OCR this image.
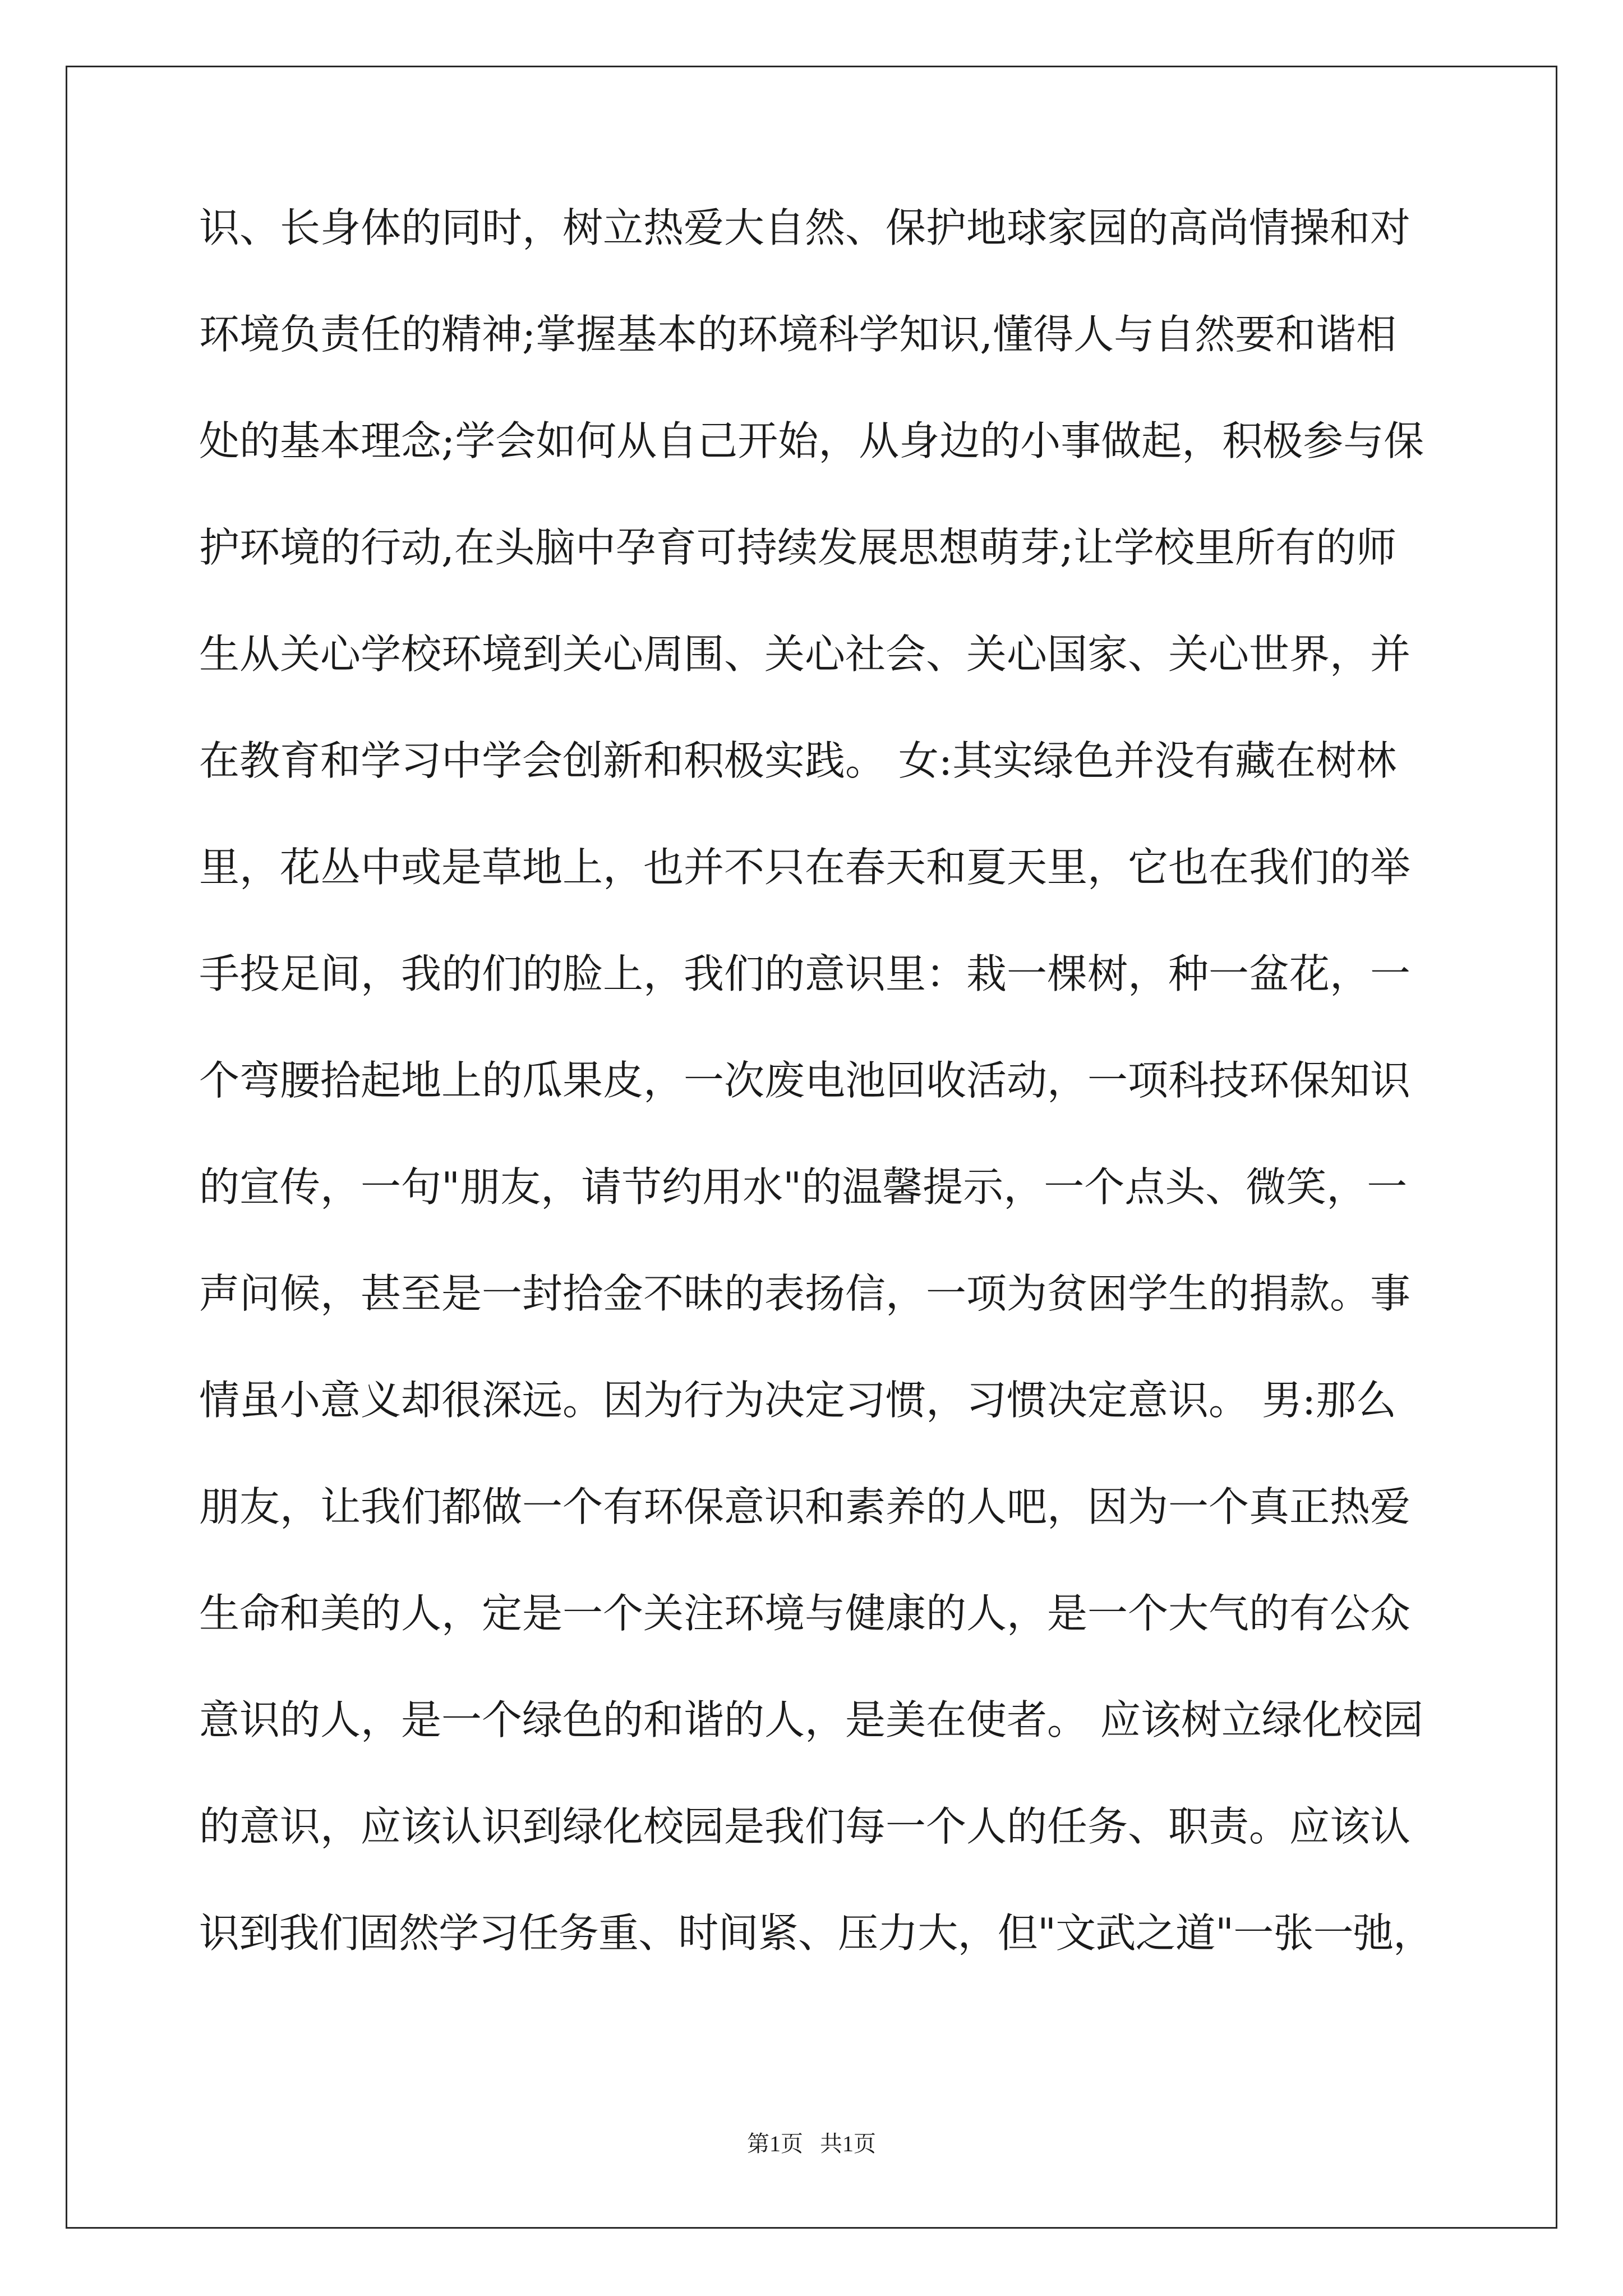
识、长身体的同时，树立热爱大自然、保护地球家园的高尚情操和对
环境负责任的精神;掌握基本的环境科学知识,懂得人与自然要和谐相
处的基本理念;学会如何从自己开始，从身边的小事做起，积极参与保
护环境的行动,在头脑中孕育可持续发展思想萌芽;让学校里所有的师
生从关心学校环境到关心周围、关心社会、关心国家、关心世界，并
在教育和学习中学会创新和积极实践。 女:其实绿色并没有藏在树林
里，花丛中或是草地上，也并不只在春天和夏天里，它也在我们的举
手投足间，我的们的脸上，我们的意识里：栽一棵树，种一盆花，一
个弯腰拾起地上的瓜果皮，一次废电池回收活动，一项科技环保知识
的宣传，一句"朋友，请节约用水"的温馨提示，一个点头、微笑，一
声问候，甚至是一封拾金不昧的表扬信，一项为贫困学生的捐款。事
情虽小意义却很深远。因为行为决定习惯，习惯决定意识。 男:那么
朋友，让我们都做一个有环保意识和素养的人吧，因为一个真正热爱
生命和美的人，定是一个关注环境与健康的人，是一个大气的有公众
意识的人，是一个绿色的和谐的人，是美在使者。 应该树立绿化校园
的意识，应该认识到绿化校园是我们每一个人的任务、职责。应该认
识到我们固然学习任务重、时间紧、压力大，但"文武之道"一张一弛，
第1页   共1页
